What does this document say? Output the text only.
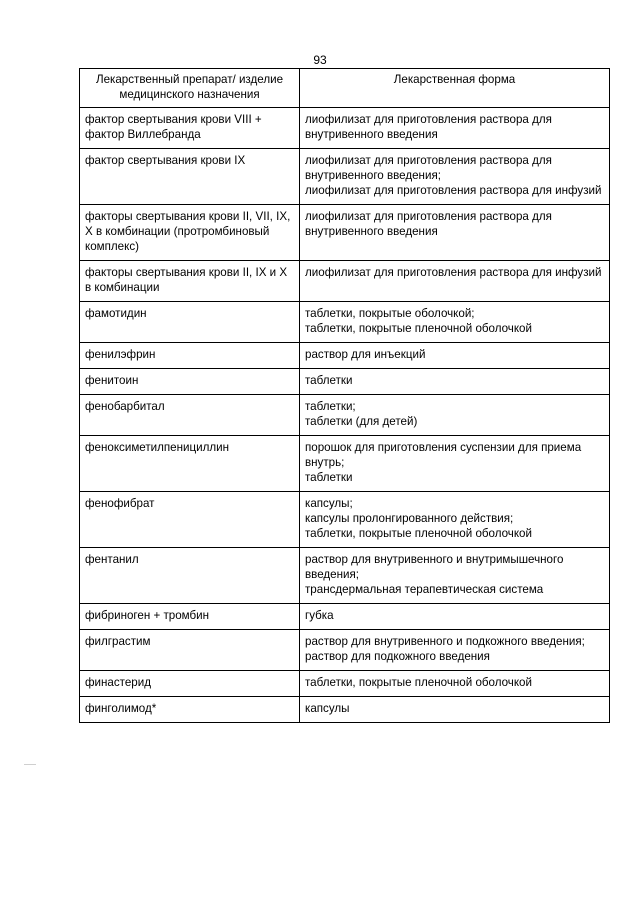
93
Лекарственный препарат/ изделие медицинского назначения	Лекарственная форма
фактор свертывания крови VIII + фактор Виллебранда	лиофилизат для приготовления раствора для внутривенного введения

фактор свертывания крови IX	лиофилизат для приготовления раствора для внутривенного введения;
лиофилизат для приготовления раствора для инфузий

факторы свертывания крови II, VII, IX, X в комбинации (протромбиновый комплекс)	лиофилизат для приготовления раствора для внутривенного введения

факторы свертывания крови II, IX и X в комбинации	лиофилизат для приготовления раствора для инфузий

фамотидин	таблетки, покрытые оболочкой;
таблетки, покрытые пленочной оболочкой

фенилэфрин	раствор для инъекций

фенитоин	таблетки

фенобарбитал	таблетки;
таблетки (для детей)

феноксиметилпенициллин	порошок для приготовления суспензии для приема внутрь;
таблетки

фенофибрат	капсулы;
капсулы пролонгированного действия;
таблетки, покрытые пленочной оболочкой

фентанил	раствор для внутривенного и внутримышечного введения;
трансдермальная терапевтическая система

фибриноген + тромбин	губка

филграстим	раствор для внутривенного и подкожного введения;
раствор для подкожного введения

финастерид	таблетки, покрытые пленочной оболочкой

финголимод*	капсулы
